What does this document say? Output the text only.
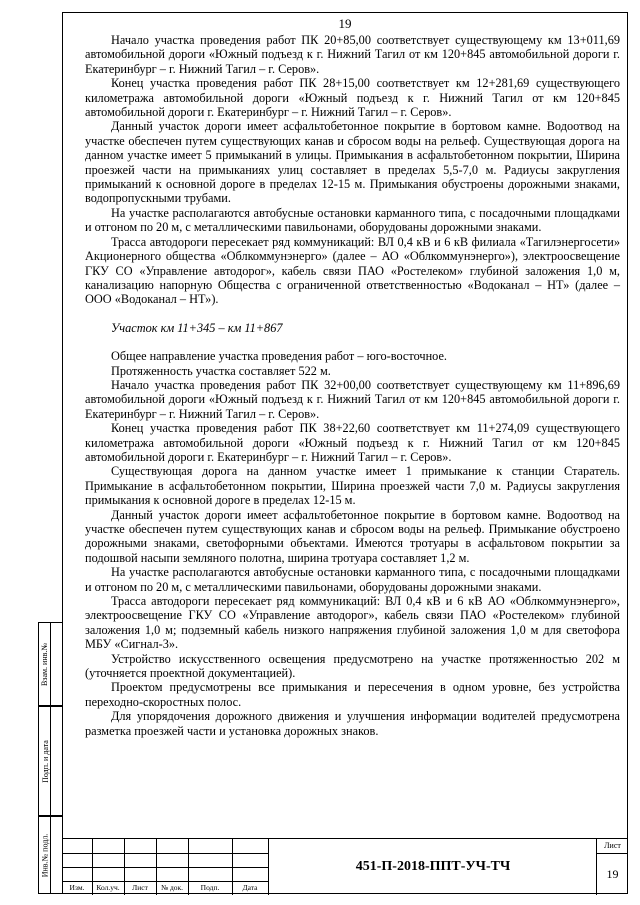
19

Начало участка проведения работ ПК 20+85,00 соответствует существующему км 13+011,69 автомобильной дороги «Южный подъезд к г. Нижний Тагил от км 120+845 автомобильной дороги г. Екатеринбург – г. Нижний Тагил – г. Серов».

Конец участка проведения работ ПК 28+15,00 соответствует км 12+281,69 существующего километража автомобильной дороги «Южный подъезд к г. Нижний Тагил от км 120+845 автомобильной дороги г. Екатеринбург – г. Нижний Тагил – г. Серов».

Данный участок дороги имеет асфальтобетонное покрытие в бортовом камне. Водоотвод на участке обеспечен путем существующих канав и сбросом воды на рельеф. Существующая дорога на данном участке имеет 5 примыканий в улицы. Примыкания в асфальтобетонном покрытии, Ширина проезжей части на примыканиях улиц составляет в пределах 5,5-7,0 м. Радиусы закругления примыканий к основной дороге в пределах 12-15 м. Примыкания обустроены дорожными знаками, водопропускными трубами.

На участке располагаются автобусные остановки карманного типа, с посадочными площадками и отгоном по 20 м, с металлическими павильонами, оборудованы дорожными знаками.

Трасса автодороги пересекает ряд коммуникаций: ВЛ 0,4 кВ и 6 кВ филиала «Тагилэнергосети» Акционерного общества «Облкоммунэнерго» (далее – АО «Облкоммунэнерго»), электроосвещение ГКУ СО «Управление автодорог», кабель связи ПАО «Ростелеком» глубиной заложения 1,0 м, канализацию напорную Общества с ограниченной ответственностью «Водоканал – НТ» (далее – ООО «Водоканал – НТ»).

Участок км 11+345 – км 11+867

Общее направление участка проведения работ – юго-восточное.

Протяженность участка составляет 522 м.

Начало участка проведения работ ПК 32+00,00 соответствует существующему км 11+896,69 автомобильной дороги «Южный подъезд к г. Нижний Тагил от км 120+845 автомобильной дороги г. Екатеринбург – г. Нижний Тагил – г. Серов».

Конец участка проведения работ ПК 38+22,60 соответствует км 11+274,09 существующего километража автомобильной дороги «Южный подъезд к г. Нижний Тагил от км 120+845 автомобильной дороги г. Екатеринбург – г. Нижний Тагил – г. Серов».

Существующая дорога на данном участке имеет 1 примыкание к станции Старатель. Примыкание в асфальтобетонном покрытии, Ширина проезжей части 7,0 м. Радиусы закругления примыкания к основной дороге в пределах 12-15 м.

Данный участок дороги имеет асфальтобетонное покрытие в бортовом камне. Водоотвод на участке обеспечен путем существующих канав и сбросом воды на рельеф. Примыкание обустроено дорожными знаками, светофорными объектами. Имеются тротуары в асфальтовом покрытии за подошвой насыпи земляного полотна, ширина тротуара составляет 1,2 м.

На участке располагаются автобусные остановки карманного типа, с посадочными площадками и отгоном по 20 м, с металлическими павильонами, оборудованы дорожными знаками.

Трасса автодороги пересекает ряд коммуникаций: ВЛ 0,4 кВ и 6 кВ АО «Облкоммунэнерго», электроосвещение ГКУ СО «Управление автодорог», кабель связи ПАО «Ростелеком» глубиной заложения 1,0 м; подземный кабель низкого напряжения глубиной заложения 1,0 м для светофора МБУ «Сигнал-3».

Устройство искусственного освещения предусмотрено на участке протяженностью 202 м (уточняется проектной документацией).

Проектом предусмотрены все примыкания и пересечения в одном уровне, без устройства переходно-скоростных полос.

Для упорядочения дорожного движения и улучшения информации водителей предусмотрена разметка проезжей части и установка дорожных знаков.

Взам. инв.№
Подп. и дата
Инв.№ подл.
Изм.	Кол.уч.	Лист	№ док.	Подп.	Дата
451-П-2018-ППТ-УЧ-ТЧ
Лист
19
